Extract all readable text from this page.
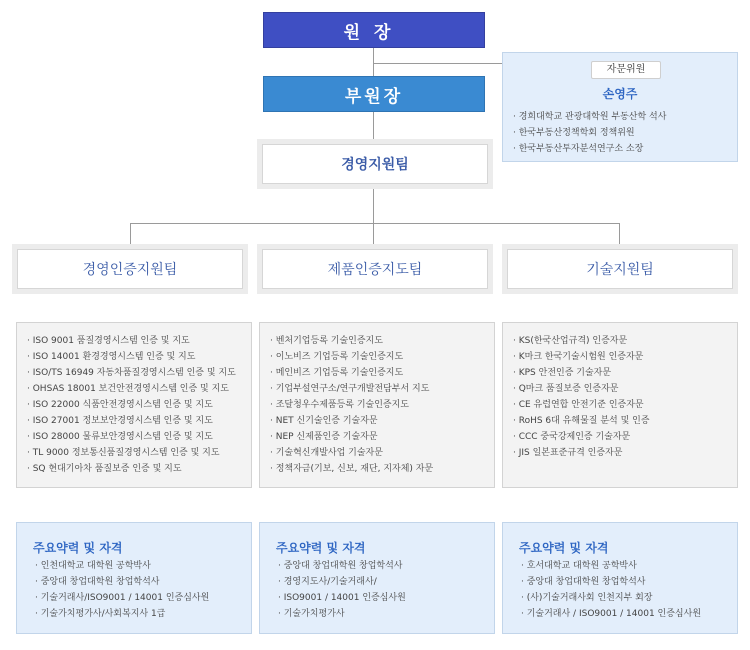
원장
부원장
경영지원팀
자문위원
손영주
· 경희대학교 관광대학원 부동산학 석사
· 한국부동산정책학회 정책위원
· 한국부동산투자분석연구소 소장
경영인증지원팀
· ISO 9001 품질경영시스템 인증 및 지도
· ISO 14001 환경경영시스템 인증 및 지도
· ISO/TS 16949 자동차품질경영시스템 인증 및 지도
· OHSAS 18001 보건안전경영시스템 인증 및 지도
· ISO 22000 식품안전경영시스템 인증 및 지도
· ISO 27001 정보보안경영시스템 인증 및 지도
· ISO 28000 물류보안경영시스템 인증 및 지도
· TL 9000 정보통신품질경영시스템 인증 및 지도
· SQ 현대기아차 품질보증 인증 및 지도
주요약력 및 자격
· 인천대학교 대학원 공학박사
· 중앙대 창업대학원 창업학석사
· 기술거래사/ISO9001 / 14001 인증심사원
· 기술가치평가사/사회복지사 1급
제품인증지도팀
· 벤처기업등록 기술인증지도
· 이노비즈 기업등록 기술인증지도
· 메인비즈 기업등록 기술인증지도
· 기업부설연구소/연구개발전담부서 지도
· 조달청우수제품등록 기술인증지도
· NET 신기술인증 기술자문
· NEP 신제품인증 기술자문
· 기술혁신개발사업 기술자문
· 정책자금(기보, 신보, 재단, 지자체) 자문
주요약력 및 자격
· 중앙대 창업대학원 창업학석사
· 경영지도사/기술거래사/
· ISO9001 / 14001 인증심사원
· 기술가치평가사
기술지원팀
· KS(한국산업규격) 인증자문
· K마크 한국기술시험원 인증자문
· KPS 안전인증 기술자문
· Q마크 품질보증 인증자문
· CE 유럽연합 안전기준 인증자문
· RoHS 6대 유해물질 분석 및 인증
· CCC 중국강제인증 기술자문
· JIS 일본표준규격 인증자문
주요약력 및 자격
· 호서대학교 대학원 공학박사
· 중앙대 창업대학원 창업학석사
· (사)기술거래사회 인천지부 회장
· 기술거래사 / ISO9001 / 14001 인증심사원
